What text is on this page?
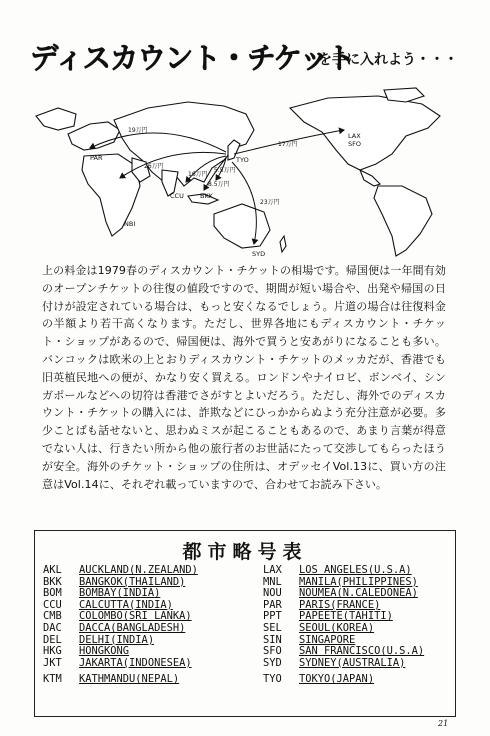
ディスカウント・チケット
を手に入れよう・・・
PAR
LAX
SFO
TYO
CCU BKK
NBI
SYD
19万円
26万円
16万円
8.5万円
5.5万円
17万円
23万円

上の料金は1979春のディスカウント・チケットの相場です。帰国便は一年間有効のオープンチケットの往復の値段ですので、期間が短い場合や、出発や帰国の日付けが設定されている場合は、もっと安くなるでしょう。片道の場合は往復料金の半額より若干高くなります。ただし、世界各地にもディスカウント・チケット・ショップがあるので、帰国便は、海外で買うと安あがりになることも多い。バンコックは欧米の上とおりディスカウント・チケットのメッカだが、香港でも旧英植民地への便が、かなり安く買える。ロンドンやナイロビ、ボンベイ、シンガポールなどへの切符は香港でさがすとよいだろう。ただし、海外でのディスカウント・チケットの購入には、詐欺などにひっかからぬよう充分注意が必要。多少ことばも話せないと、思わぬミスが起こることもあるので、あまり言葉が得意でない人は、行きたい所から他の旅行者のお世話にたって交渉してもらったほうが安全。海外のチケット・ショップの住所は、オデッセイVol.13に、買い方の注意はVol.14に、それぞれ載っていますので、合わせてお読み下さい。

都市略号表
AKL AUCKLAND(N.ZEALAND)
BKK BANGKOK(THAILAND)
BOM BOMBAY(INDIA)
CCU CALCUTTA(INDIA)
CMB COLOMBO(SRI LANKA)
DAC DACCA(BANGLADESH)
DEL DELHI(INDIA)
HKG HONGKONG
JKT JAKARTA(INDONESEA)
KTM KATHMANDU(NEPAL)
LAX LOS ANGELES(U.S.A)
MNL MANILA(PHILIPPINES)
NOU NOUMEA(N.CALEDONEA)
PAR PARIS(FRANCE)
PPT PAPEETE(TAHITI)
SEL SEOUL(KOREA)
SIN SINGAPORE
SFO SAN FRANCISCO(U.S.A)
SYD SYDNEY(AUSTRALIA)
TYO TOKYO(JAPAN)
21
